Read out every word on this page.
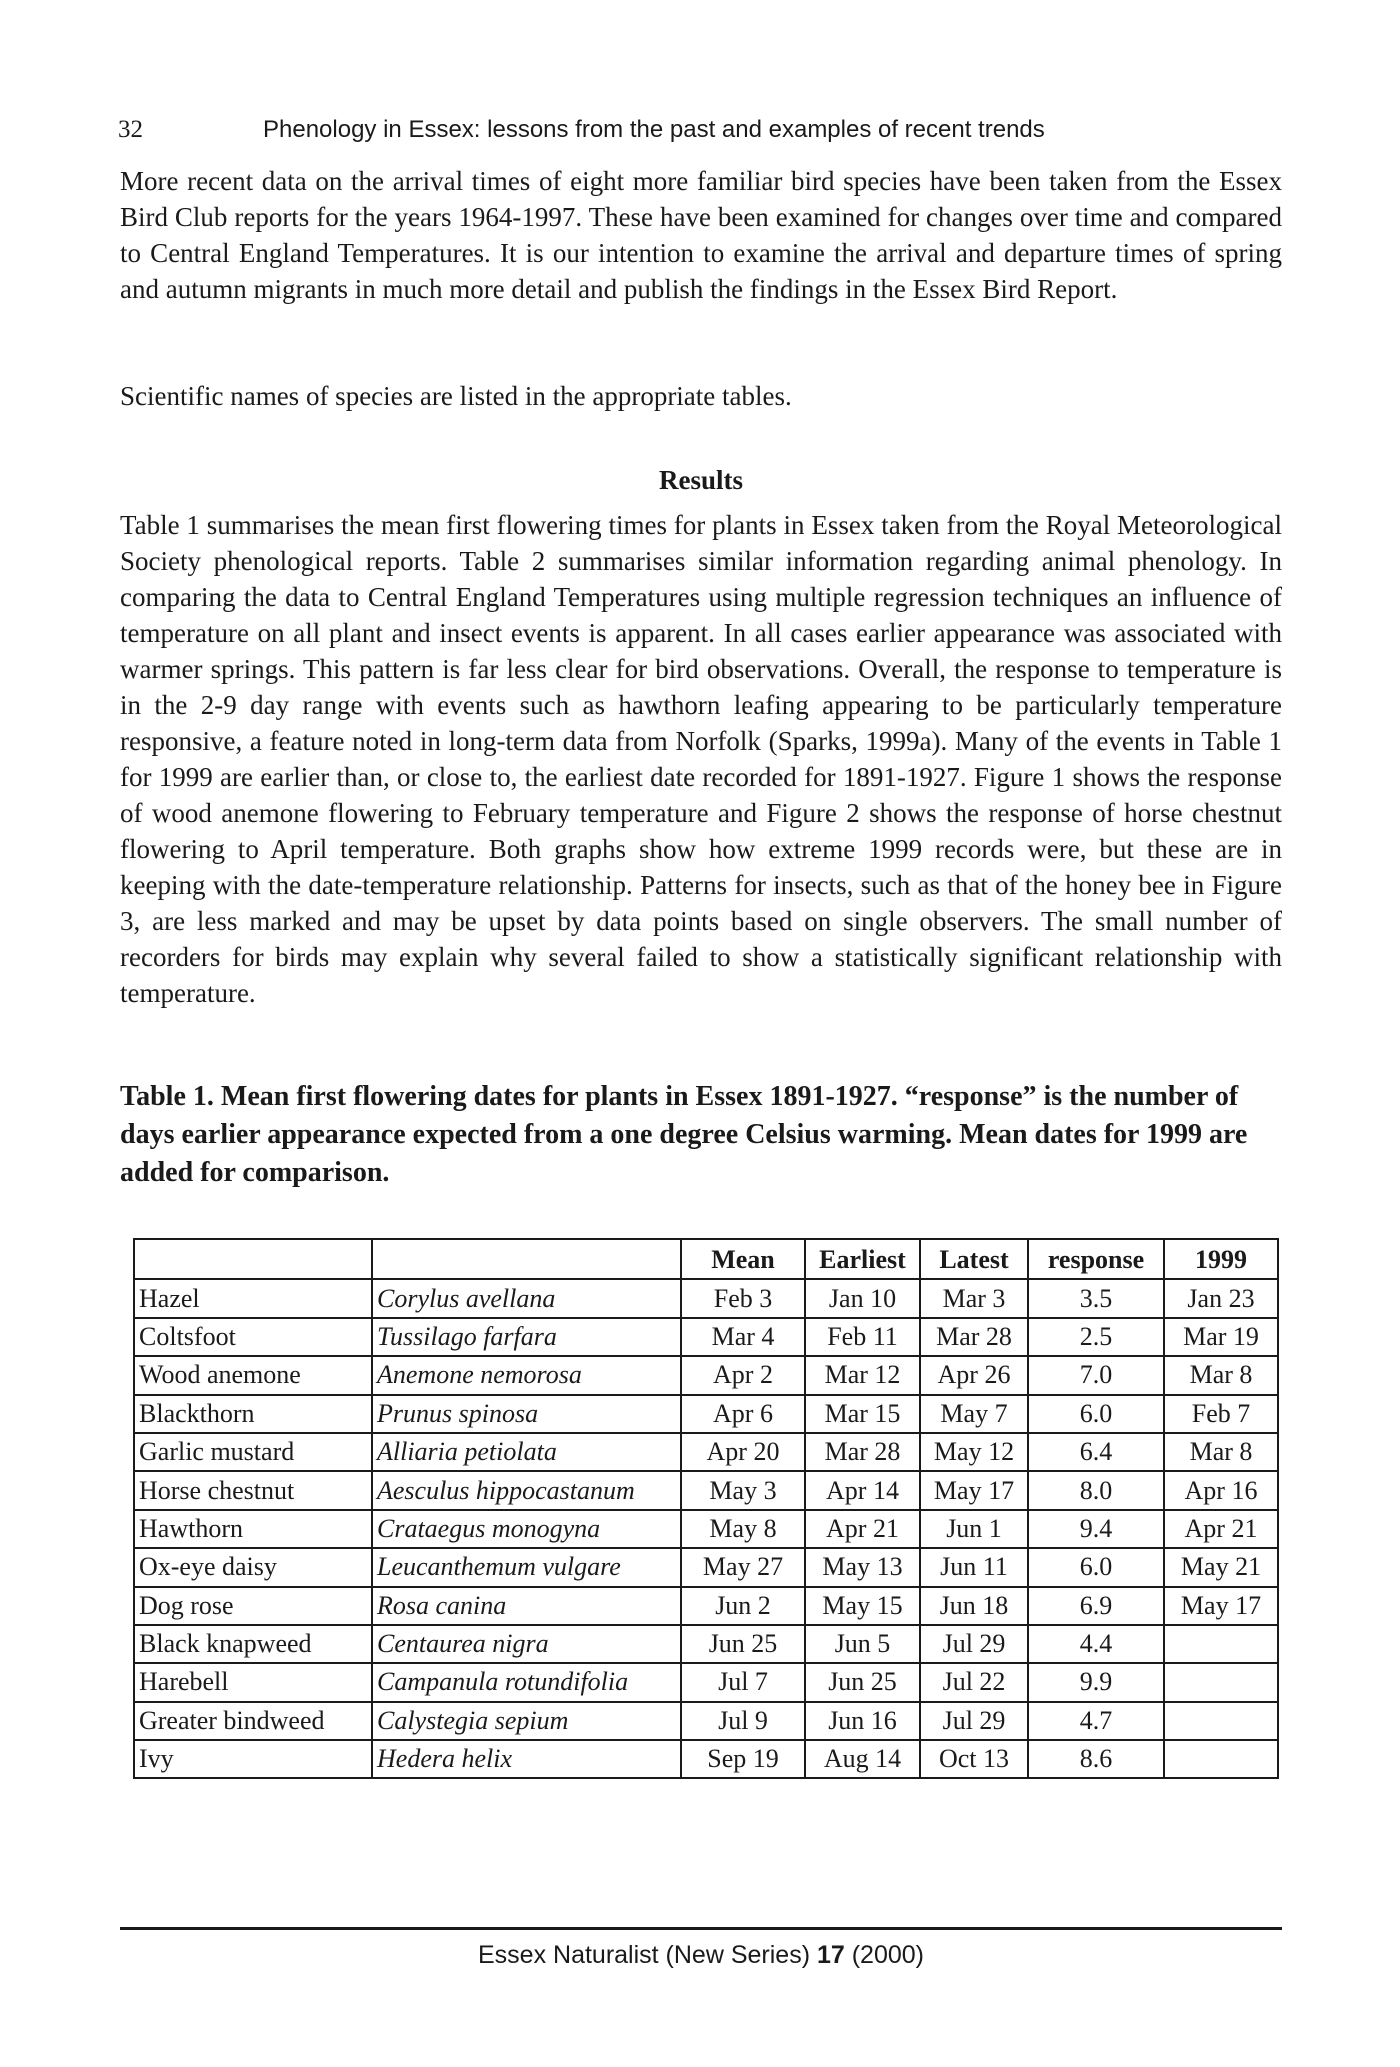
32	Phenology in Essex: lessons from the past and examples of recent trends

More recent data on the arrival times of eight more familiar bird species have been taken from the Essex Bird Club reports for the years 1964-1997. These have been examined for changes over time and compared to Central England Temperatures. It is our intention to examine the arrival and departure times of spring and autumn migrants in much more detail and publish the findings in the Essex Bird Report.

Scientific names of species are listed in the appropriate tables.

Results

Table 1 summarises the mean first flowering times for plants in Essex taken from the Royal Meteorological Society phenological reports. Table 2 summarises similar information regarding animal phenology. In comparing the data to Central England Temperatures using multiple regression techniques an influence of temperature on all plant and insect events is apparent. In all cases earlier appearance was associated with warmer springs. This pattern is far less clear for bird observations. Overall, the response to temperature is in the 2-9 day range with events such as hawthorn leafing appearing to be particularly temperature responsive, a feature noted in long-term data from Norfolk (Sparks, 1999a). Many of the events in Table 1 for 1999 are earlier than, or close to, the earliest date recorded for 1891-1927. Figure 1 shows the response of wood anemone flowering to February temperature and Figure 2 shows the response of horse chestnut flowering to April temperature. Both graphs show how extreme 1999 records were, but these are in keeping with the date-temperature relationship. Patterns for insects, such as that of the honey bee in Figure 3, are less marked and may be upset by data points based on single observers. The small number of recorders for birds may explain why several failed to show a statistically significant relationship with temperature.

Table 1. Mean first flowering dates for plants in Essex 1891-1927. “response” is the number of days earlier appearance expected from a one degree Celsius warming. Mean dates for 1999 are added for comparison.

		Mean	Earliest	Latest	response	1999
Hazel	Corylus avellana	Feb 3	Jan 10	Mar 3	3.5	Jan 23
Coltsfoot	Tussilago farfara	Mar 4	Feb 11	Mar 28	2.5	Mar 19
Wood anemone	Anemone nemorosa	Apr 2	Mar 12	Apr 26	7.0	Mar 8
Blackthorn	Prunus spinosa	Apr 6	Mar 15	May 7	6.0	Feb 7
Garlic mustard	Alliaria petiolata	Apr 20	Mar 28	May 12	6.4	Mar 8
Horse chestnut	Aesculus hippocastanum	May 3	Apr 14	May 17	8.0	Apr 16
Hawthorn	Crataegus monogyna	May 8	Apr 21	Jun 1	9.4	Apr 21
Ox-eye daisy	Leucanthemum vulgare	May 27	May 13	Jun 11	6.0	May 21
Dog rose	Rosa canina	Jun 2	May 15	Jun 18	6.9	May 17
Black knapweed	Centaurea nigra	Jun 25	Jun 5	Jul 29	4.4	
Harebell	Campanula rotundifolia	Jul 7	Jun 25	Jul 22	9.9	
Greater bindweed	Calystegia sepium	Jul 9	Jun 16	Jul 29	4.7	
Ivy	Hedera helix	Sep 19	Aug 14	Oct 13	8.6	
Essex Naturalist (New Series) 17 (2000)
